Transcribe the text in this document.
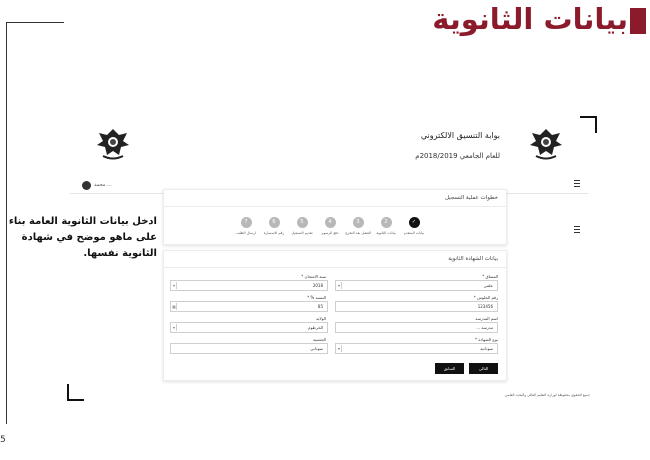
بيانات الثانوية
5
ادخل بيانات الثانوية العامة بناء على ماهو موضح في شهادة الثانوية نفسها.
بوابة التنسيق الالكتروني
للعام الجامعي 2018/2019م
محمد ...
خطوات عملية التسجيل
✓
بيانات المتقدم
2
بيانات الثانوية
3
الفصل بعد التخرج
4
دفع الرسوم
5
تقديم التسجيل
6
رقم الاستمارة
7
ارسال الطلب
بيانات الشهادة الثانوية
المساق *
▾	علمي
رقم الجلوس *
123456
اسم المدرسة
مدرسة ...
نوع الشهادة *
▾	سودانية
سنة الامتحان *
▾	2018
النسبة % *
▦	85
الولاية
▾	الخرطوم
الجنسية
سوداني
السابق	التالي
جميع الحقوق محفوظة لوزارة التعليم العالي والبحث العلمي
